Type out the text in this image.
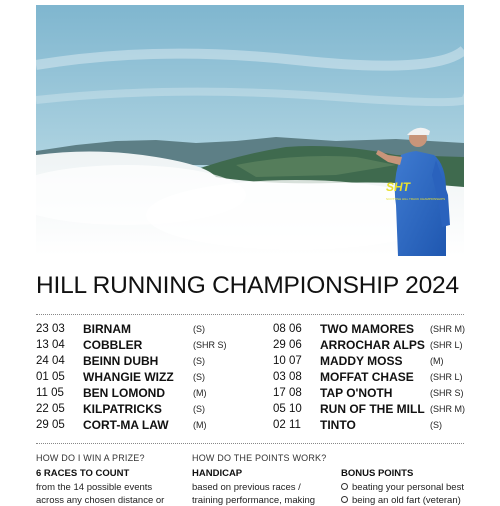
SHT
SCOTTISH HILL TRACK CHAMPIONSHIPS
HILL RUNNING CHAMPIONSHIP 2024
23 03 BIRNAM	(S)
13 04 COBBLER	(SHR S)
24 04 BEINN DUBH	(S)
01 05 WHANGIE WIZZ (S)
11 05 BEN LOMOND	(M)
22 05 KILPATRICKS	(S)
29 05 CORT-MA LAW	(M)
08 06 TWO MAMORES (SHR M)
29 06 ARROCHAR ALPS (SHR L)
10 07 MADDY MOSS	(M)
03 08 MOFFAT CHASE (SHR L)
17 08 TAP O'NOTH	(SHR S)
05 10 RUN OF THE MILL (SHR M)
02 11 TINTO	(S)
HOW DO I WIN A PRIZE?
6 RACES TO COUNT
from the 14 possible events
across any chosen distance or
HOW DO THE POINTS WORK?
HANDICAP
based on previous races /
training performance, making
BONUS POINTS
beating your personal best
being an old fart (veteran)
